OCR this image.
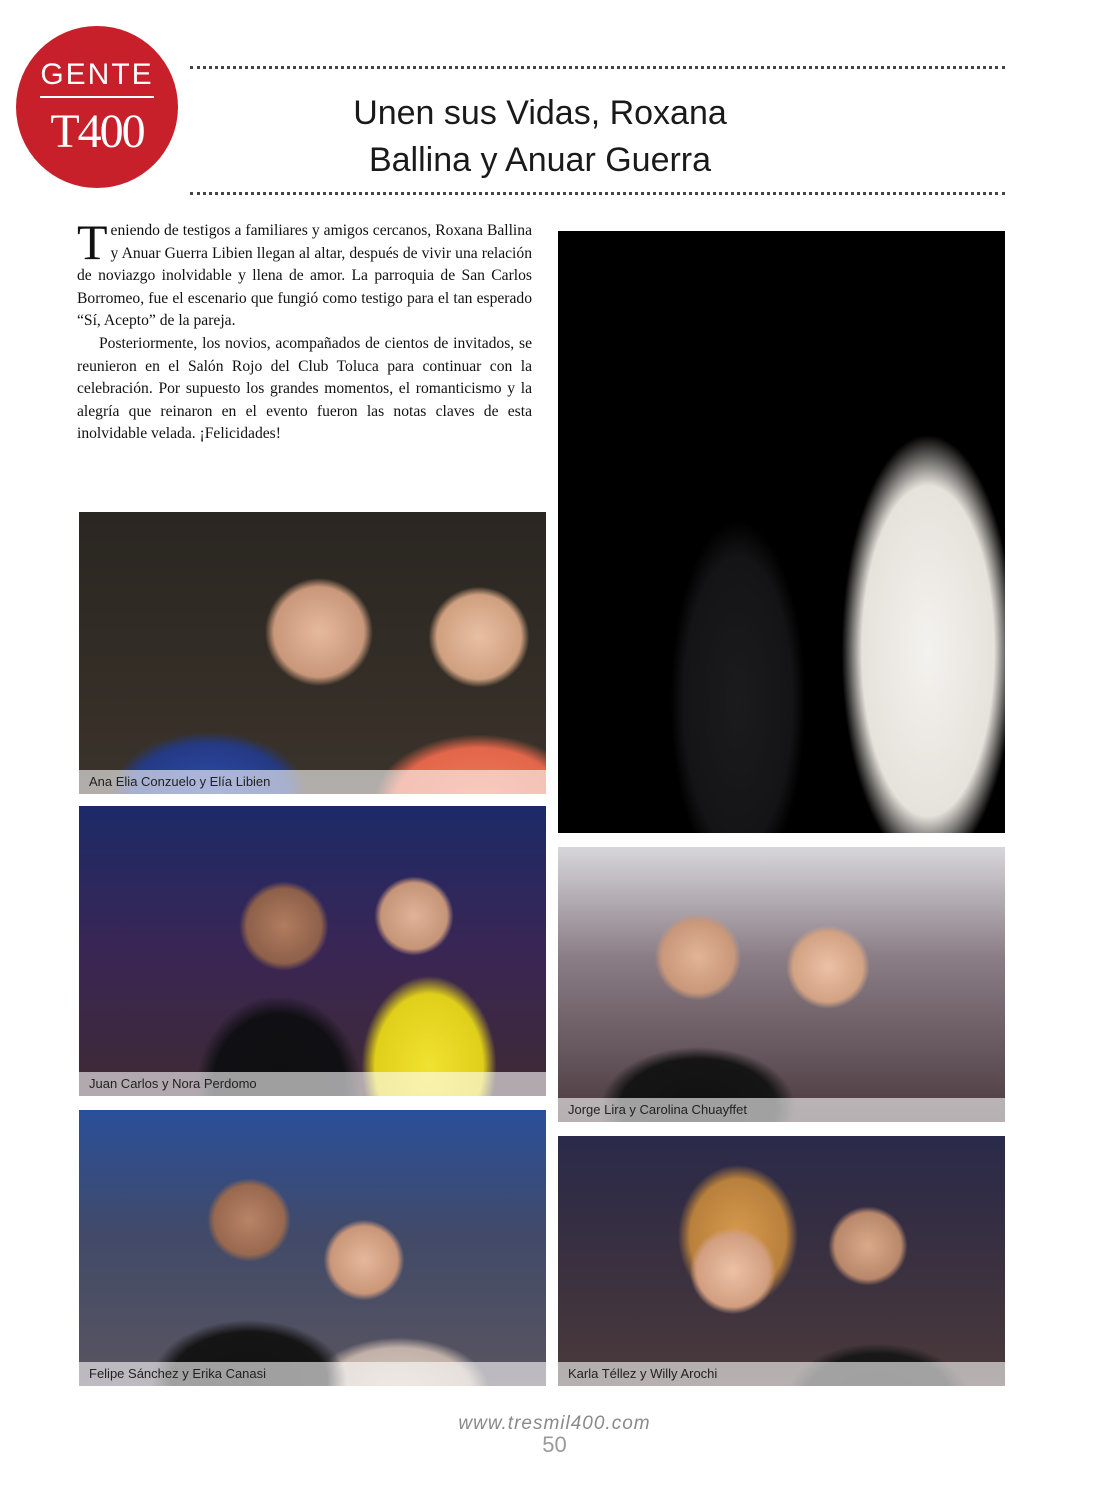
GENTE
T400	Unen sus Vidas, Roxana
Ballina y Anuar Guerra

Teniendo de testigos a familiares y amigos cercanos, Roxana Ballina y Anuar Guerra Libien llegan al altar, después de vivir una relación de noviazgo inolvidable y llena de amor. La parroquia de San Carlos Borromeo, fue el escenario que fungió como testigo para el tan esperado “Sí, Acepto” de la pareja.

Posteriormente, los novios, acompañados de cientos de invitados, se reunieron en el Salón Rojo del Club Toluca para continuar con la celebración. Por supuesto los grandes momentos, el romanticismo y la alegría que reinaron en el evento fueron las notas claves de esta inolvidable velada. ¡Felicidades!

Ana Elia Conzuelo y Elía Libien
Juan Carlos y Nora Perdomo
Jorge Lira y Carolina Chuayffet
Felipe Sánchez y Erika Canasi	Karla Téllez y Willy Arochi
www.tresmil400.com
50
